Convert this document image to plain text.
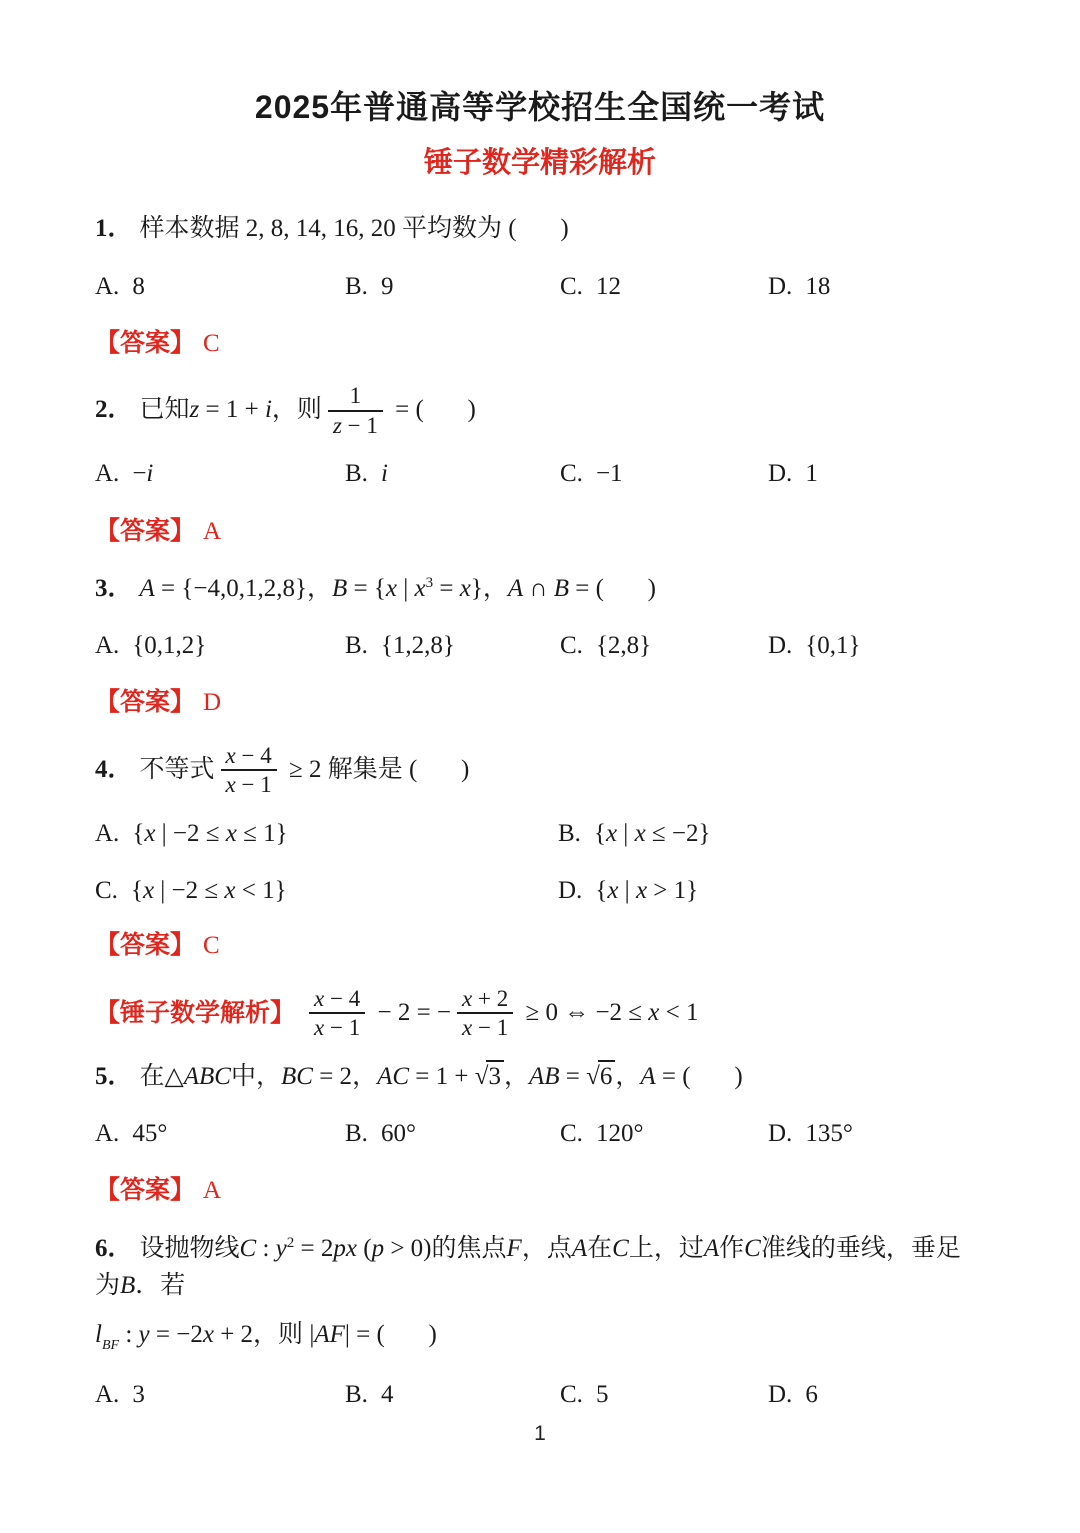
2025年普通高等学校招生全国统一考试
锤子数学精彩解析
1． 样本数据 2, 8, 14, 16, 20 平均数为 (       )
A. 8	B. 9	C. 12	D. 18
【答案】 C
2． 已知z = 1 + i，则 $\frac{1}{z - 1}$ = (       )
A. −i	B. i	C. −1	D. 1
【答案】 A
3． A = {−4,0,1,2,8}，B = {x | $x^3 = x$}，A ∩ B = (       )
A. {0,1,2}	B. {1,2,8}	C. {2,8}	D. {0,1}
【答案】 D
4． 不等式 $\frac{x - 4}{x - 1} \ge 2$ 解集是 (       )
A. {x | −2 ≤ x ≤ 1}	B. {x | x ≤ −2}
C. {x | −2 ≤ x < 1}	D. {x | x > 1}
【答案】 C
【锤子数学解析】 $\frac{x - 4}{x - 1} - 2$ = − $\frac{x + 2}{x - 1} \ge 0$ ⇔ −2 ≤ x < 1
5． 在△ABC中，BC = 2，AC = 1 + √3 ，AB = √6 ，A = (       )
A. 45°	B. 60°	C. 120°	D. 135°
【答案】 A
6． 设抛物线C : $y^2 = 2px$ (p > 0)的焦点F，点A在C上，过A作C准线的垂线，垂足为B．若
$l_{BF}$ : y = −2x + 2，则 |AF| = (       )
A. 3	B. 4	C. 5	D. 6
1
